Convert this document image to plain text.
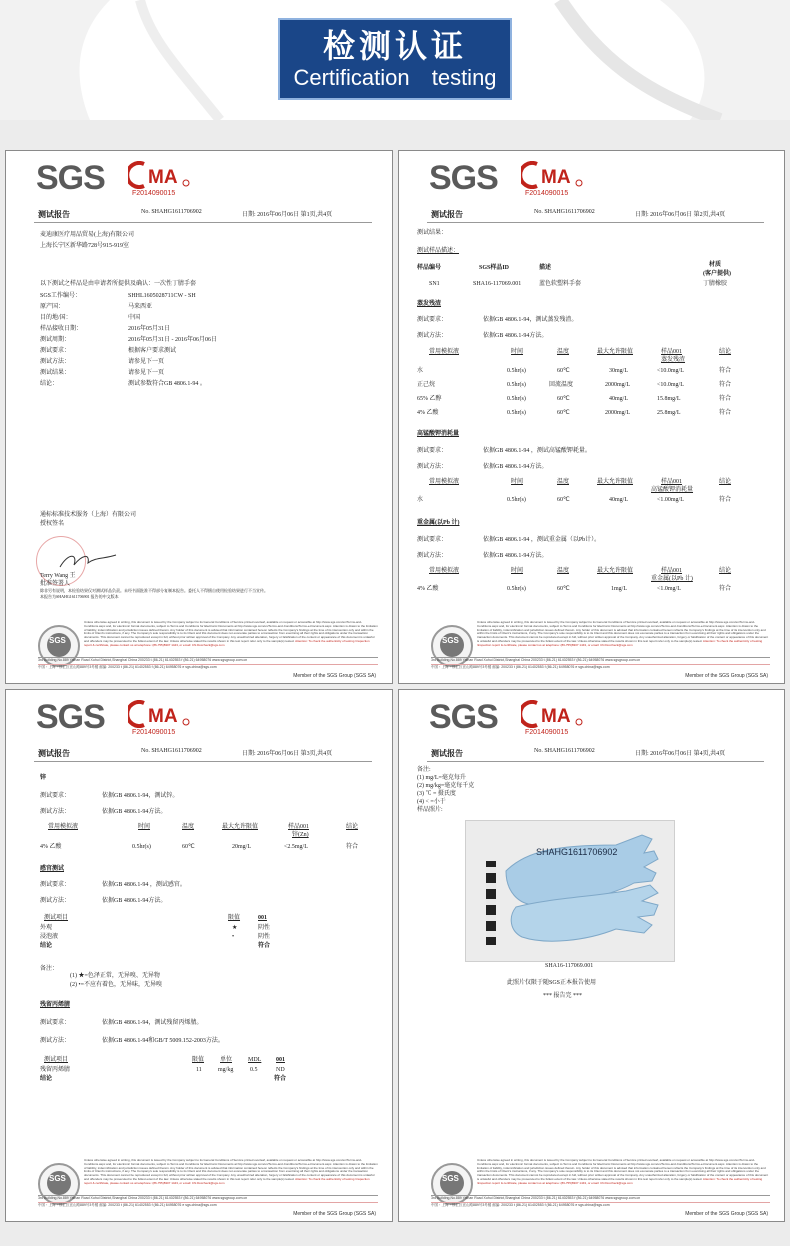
检测认证
Certification testing
SGS MA
F2014090015
测试报告	No. SHAHG1611706902	日期: 2016年06月06日 第1页,共4页
麦迪康医疗用品贸易(上海)有限公司
上海长宁区新华路728号915-919室
以下测试之样品是由申请者所提供及确认：一次性丁腈手套
SGS工作编号：	SHHL1605028711CW - SH
原产国：	马来西亚
目的地/国：	中国
样品接收日期：	2016年05月31日
测试周期：	2016年05月31日 - 2016年06月06日
测试要求：	根据客户要求测试
测试方法：	请参见下一页
测试结果：	请参见下一页
结论：	测试参数符合GB 4806.1-94 。
通标标准技术服务（上海）有限公司
授权签名
Terry Wang 王
批准签署人
除非另有说明，本检验结果仅对测试样品负责。未经书面批准不得部分复制本报告。委托人不得擅自使用检验结果进行不当宣传。
本报告为SHAHG1611706901 报告的中文版本
SGS
Unless otherwise agreed in writing, this document is issued by the Company subject to its General Conditions of Service printed overleaf, available on request or accessible at http://www.sgs.com/en/Terms-and-Conditions.aspx and, for electronic format documents, subject to Terms and Conditions for Electronic Documents at http://www.sgs.com/en/Terms-and-Conditions/Terms-e-Document.aspx. Attention is drawn to the limitation of liability, indemnification and jurisdiction issues defined therein. Any holder of this document is advised that information contained hereon reflects the Company's findings at the time of its intervention only and within the limits of Client's instructions, if any. The Company's sole responsibility is to its Client and this document does not exonerate parties to a transaction from exercising all their rights and obligations under the transaction documents. This document cannot be reproduced except in full, without prior written approval of the Company. Any unauthorized alteration, forgery or falsification of the content or appearance of this document is unlawful and offenders may be prosecuted to the fullest extent of the law. Unless otherwise stated the results shown in this test report refer only to the sample(s) tested. Attention: To check the authenticity of testing /inspection report & certificate, please contact us at telephone: (86-755)8307 1443, or email: CN.Doccheck@sgs.com
3rd Building,No.889 Yishan Road Xuhui District,Shanghai China 200233 t (86-21) 61402553 f (86-21) 64958076 www.sgsgroup.com.cn
中国・上海・徐汇区宜山路889号3号楼 邮编: 200233 t (86-21) 61402553 f (86-21) 64958076 e sgs.china@sgs.com
Member of the SGS Group (SGS SA)
SGS MA
F2014090015
测试报告	No. SHAHG1611706902	日期: 2016年06月06日 第2页,共4页
测试结果：
测试样品描述：
样品编号	SGS样品ID	描述	材质
(客户提供)
SN1	SHA16-117069.001	蓝色软塑料手套	丁腈橡胶
蒸发残渣
测试要求：	依据GB 4806.1-94，测试蒸发残渣。
测试方法：	依据GB 4806.1-94方法。
常用模拟液	时间	温度	最大允许限值	样品001
蒸发残渣
结论
水	0.5hr(s)	60℃	30mg/L	<10.0mg/L	符合
正己烷	0.5hr(s)	回流温度	2000mg/L	<10.0mg/L	符合
65% 乙醇	0.5hr(s)	60℃	40mg/L	15.8mg/L	符合
4% 乙酸	0.5hr(s)	60℃	2000mg/L	25.8mg/L	符合
高锰酸钾消耗量
测试要求：	依据GB 4806.1-94 ，测试高锰酸钾耗量。
测试方法：	依据GB 4806.1-94方法。
常用模拟液	时间	温度	最大允许限值	样品001
高锰酸钾消耗量
结论
水	0.5hr(s)	60℃	40mg/L	<1.00mg/L	符合
重金属(以Pb 计)
测试要求：	依据GB 4806.1-94 ，测试重金属（以Pb计）。
测试方法：	依据GB 4806.1-94方法。
常用模拟液	时间	温度	最大允许限值	样品001
重金属(以Pb 计)
结论
4% 乙酸	0.5hr(s)	60℃	1mg/L	<1.0mg/L	符合
SGS
Unless otherwise agreed in writing, this document is issued by the Company subject to its General Conditions of Service printed overleaf, available on request or accessible at http://www.sgs.com/en/Terms-and-Conditions.aspx and, for electronic format documents, subject to Terms and Conditions for Electronic Documents at http://www.sgs.com/en/Terms-and-Conditions/Terms-e-Document.aspx. Attention is drawn to the limitation of liability, indemnification and jurisdiction issues defined therein. Any holder of this document is advised that information contained hereon reflects the Company's findings at the time of its intervention only and within the limits of Client's instructions, if any. The Company's sole responsibility is to its Client and this document does not exonerate parties to a transaction from exercising all their rights and obligations under the transaction documents. This document cannot be reproduced except in full, without prior written approval of the Company. Any unauthorized alteration, forgery or falsification of the content or appearance of this document is unlawful and offenders may be prosecuted to the fullest extent of the law. Unless otherwise stated the results shown in this test report refer only to the sample(s) tested. Attention: To check the authenticity of testing /inspection report & certificate, please contact us at telephone: (86-755)8307 1443, or email: CN.Doccheck@sgs.com
3rd Building,No.889 Yishan Road Xuhui District,Shanghai China 200233 t (86-21) 61402553 f (86-21) 64958076 www.sgsgroup.com.cn
中国・上海・徐汇区宜山路889号3号楼 邮编: 200233 t (86-21) 61402553 f (86-21) 64958076 e sgs.china@sgs.com
Member of the SGS Group (SGS SA)
SGS MA
F2014090015
测试报告	No. SHAHG1611706902	日期: 2016年06月06日 第3页,共4页
锌
测试要求：	依据GB 4806.1-94，测试锌。
测试方法：	依据GB 4806.1-94方法。
常用模拟液	时间	温度	最大允许限值	样品001
锌(Zn)
结论
4% 乙酸	0.5hr(s)	60℃	20mg/L	<2.5mg/L	符合
感官测试
测试要求：	依据GB 4806.1-94 ，测试感官。
测试方法：	依据GB 4806.1-94方法。
测试项目	限值	001
外观	★	阴性
浸泡液	•	阴性
结论	符合
备注：
(1) ★=色泽正常，无异嗅、无异物
(2) •=不应有着色，无异味，无异嗅
残留丙烯腈
测试要求：	依据GB 4806.1-94，测试残留丙烯腈。
测试方法：	依据GB 4806.1-94和GB/T 5009.152-2003方法。
测试项目	限值	单位	MDL 001
残留丙烯腈	11	mg/kg	0.5	ND
结论	符合
SGS
Unless otherwise agreed in writing, this document is issued by the Company subject to its General Conditions of Service printed overleaf, available on request or accessible at http://www.sgs.com/en/Terms-and-Conditions.aspx and, for electronic format documents, subject to Terms and Conditions for Electronic Documents at http://www.sgs.com/en/Terms-and-Conditions/Terms-e-Document.aspx. Attention is drawn to the limitation of liability, indemnification and jurisdiction issues defined therein. Any holder of this document is advised that information contained hereon reflects the Company's findings at the time of its intervention only and within the limits of Client's instructions, if any. The Company's sole responsibility is to its Client and this document does not exonerate parties to a transaction from exercising all their rights and obligations under the transaction documents. This document cannot be reproduced except in full, without prior written approval of the Company. Any unauthorized alteration, forgery or falsification of the content or appearance of this document is unlawful and offenders may be prosecuted to the fullest extent of the law. Unless otherwise stated the results shown in this test report refer only to the sample(s) tested. Attention: To check the authenticity of testing /inspection report & certificate, please contact us at telephone: (86-755)8307 1443, or email: CN.Doccheck@sgs.com
3rd Building,No.889 Yishan Road Xuhui District,Shanghai China 200233 t (86-21) 61402553 f (86-21) 64958076 www.sgsgroup.com.cn
中国・上海・徐汇区宜山路889号3号楼 邮编: 200233 t (86-21) 61402553 f (86-21) 64958076 e sgs.china@sgs.com
Member of the SGS Group (SGS SA)
SGS MA
F2014090015
测试报告	No. SHAHG1611706902	日期: 2016年06月06日 第4页,共4页
备注:
(1) mg/L=毫克每升
(2) mg/kg=毫克每千克
(3) ℃ = 摄氏度
(4) < =小于
样品照片:
SHAHG1611706902
SHA16-117069.001
此照片仅限于随SGS正本报告使用
*** 报告完 ***
SGS
Unless otherwise agreed in writing, this document is issued by the Company subject to its General Conditions of Service printed overleaf, available on request or accessible at http://www.sgs.com/en/Terms-and-Conditions.aspx and, for electronic format documents, subject to Terms and Conditions for Electronic Documents at http://www.sgs.com/en/Terms-and-Conditions/Terms-e-Document.aspx. Attention is drawn to the limitation of liability, indemnification and jurisdiction issues defined therein. Any holder of this document is advised that information contained hereon reflects the Company's findings at the time of its intervention only and within the limits of Client's instructions, if any. The Company's sole responsibility is to its Client and this document does not exonerate parties to a transaction from exercising all their rights and obligations under the transaction documents. This document cannot be reproduced except in full, without prior written approval of the Company. Any unauthorized alteration, forgery or falsification of the content or appearance of this document is unlawful and offenders may be prosecuted to the fullest extent of the law. Unless otherwise stated the results shown in this test report refer only to the sample(s) tested. Attention: To check the authenticity of testing /inspection report & certificate, please contact us at telephone: (86-755)8307 1443, or email: CN.Doccheck@sgs.com
3rd Building,No.889 Yishan Road Xuhui District,Shanghai China 200233 t (86-21) 61402553 f (86-21) 64958076 www.sgsgroup.com.cn
中国・上海・徐汇区宜山路889号3号楼 邮编: 200233 t (86-21) 61402553 f (86-21) 64958076 e sgs.china@sgs.com
Member of the SGS Group (SGS SA)
